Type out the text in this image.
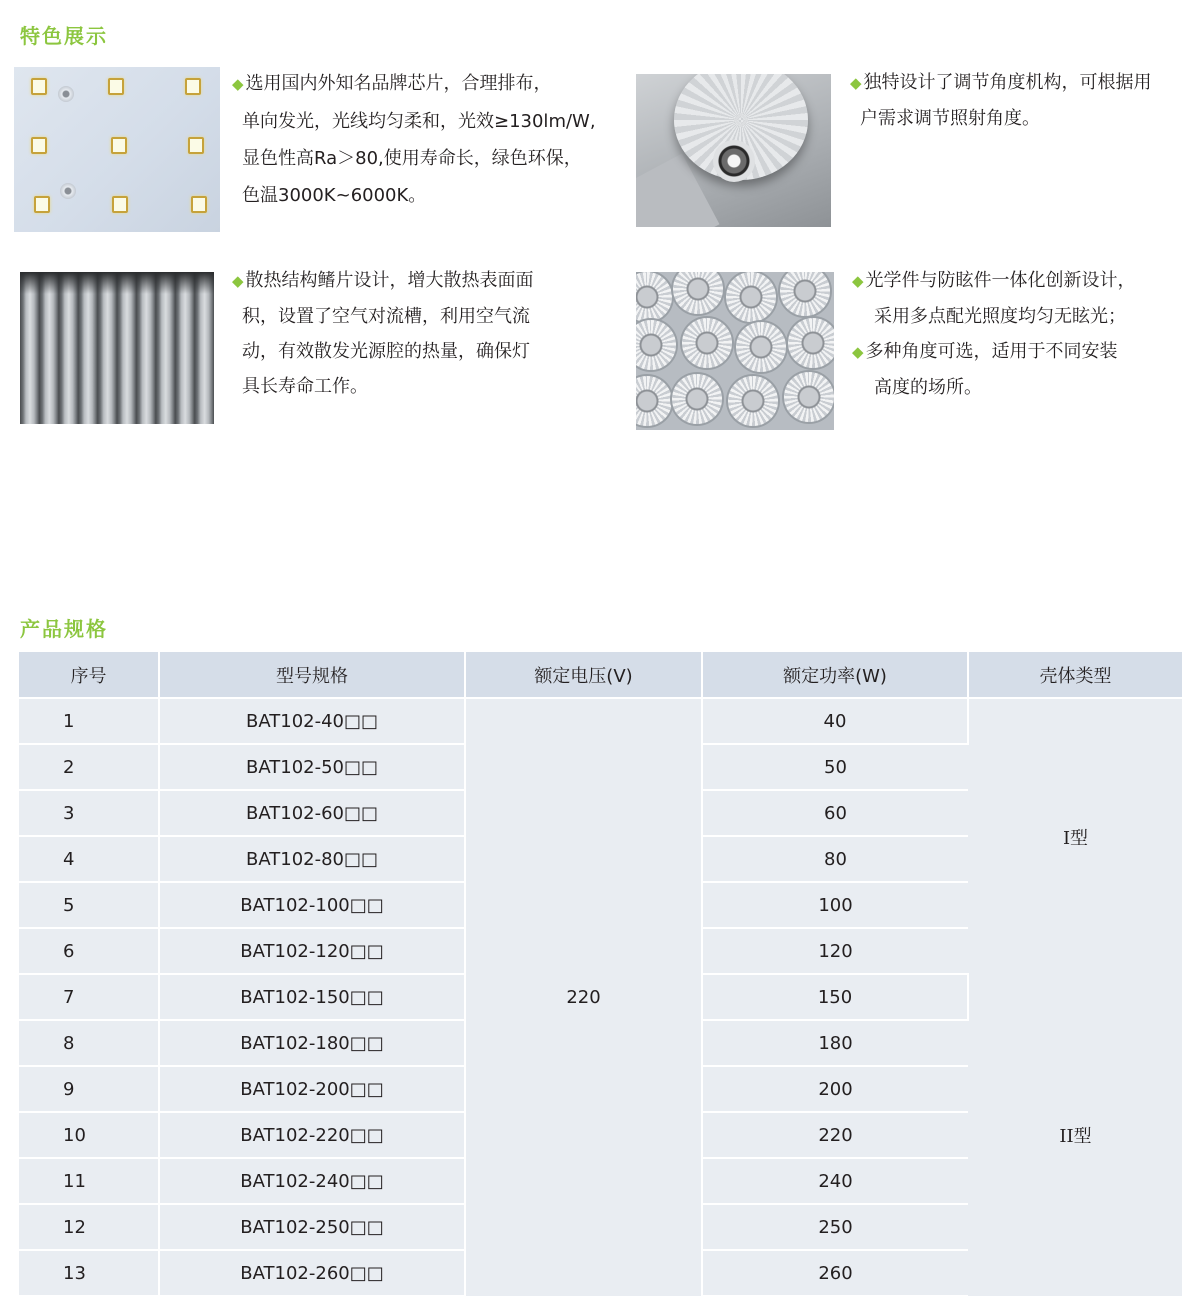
特色展示

◆ 选用国内外知名品牌芯片，合理排布，
单向发光，光线均匀柔和，光效≥130lm/W,
显色性高Ra＞80,使用寿命长，绿色环保，
色温3000K~6000K。

◆ 独特设计了调节角度机构，可根据用
户需求调节照射角度。

◆ 散热结构鳍片设计，增大散热表面面
积，设置了空气对流槽，利用空气流
动，有效散发光源腔的热量，确保灯
具长寿命工作。

◆ 光学件与防眩件一体化创新设计，
采用多点配光照度均匀无眩光；

◆ 多种角度可选，适用于不同安装
高度的场所。

产品规格
序号	型号规格	额定电压(V)	额定功率(W)	壳体类型
1	BAT102-40□□	220	40	I型
2	BAT102-50□□		50	
3	BAT102-60□□		60	
4	BAT102-80□□		80	
5	BAT102-100□□		100	
6	BAT102-120□□		120	
7	BAT102-150□□		150	II型
8	BAT102-180□□		180	
9	BAT102-200□□		200	
10	BAT102-220□□		220	
11	BAT102-240□□		240	
12	BAT102-250□□		250	
13	BAT102-260□□		260	
